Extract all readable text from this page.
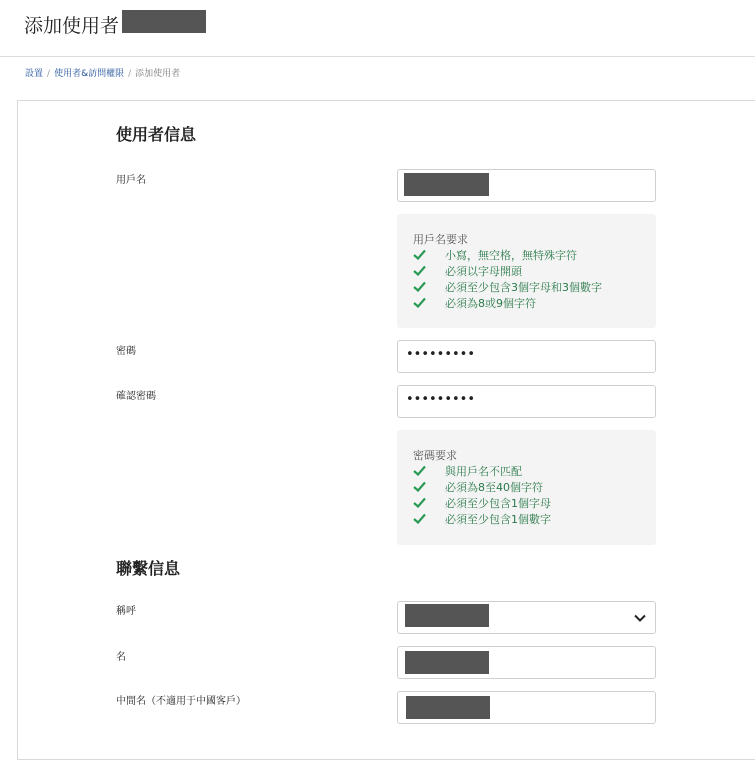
添加使用者
設置 / 使用者&訪問權限 / 添加使用者
使用者信息
用戶名
用戶名要求
小寫，無空格，無特殊字符
必須以字母開頭
必須至少包含3個字母和3個數字
必須為8或9個字符
密碼	•••••••••
確認密碼	•••••••••
密碼要求
與用戶名不匹配
必須為8至40個字符
必須至少包含1個字母
必須至少包含1個數字
聯繫信息
稱呼
名
中間名（不適用于中國客戶）
